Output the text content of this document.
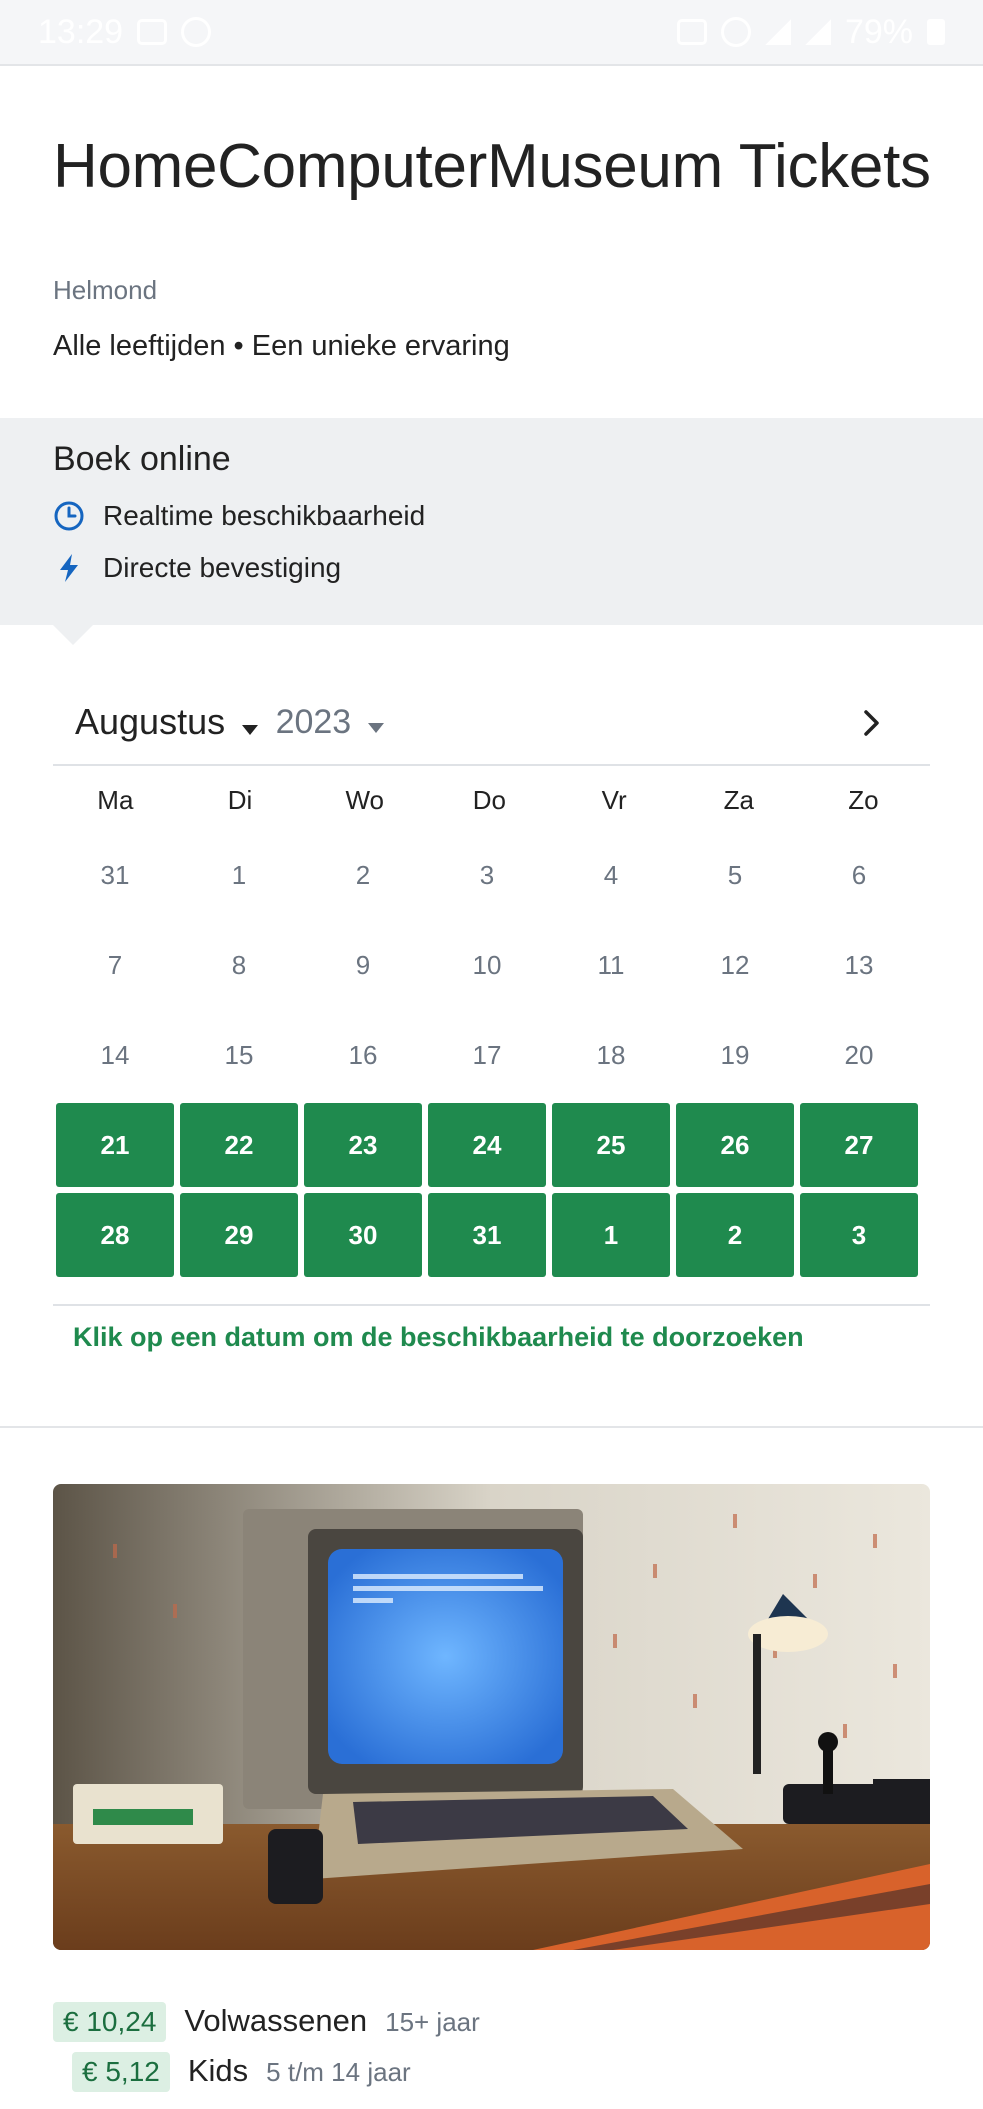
13:29	79%
HomeComputerMuseum Tickets
Helmond
Alle leeftijden • Een unieke ervaring
Boek online
Realtime beschikbaarheid
Directe bevestiging
Augustus	2023
Ma	Di	Wo	Do	Vr	Za	Zo
31	1	2	3	4	5	6
7	8	9	10	11	12	13
14	15	16	17	18	19	20
21	22	23	24	25	26	27
28	29	30	31	1	2	3
Klik op een datum om de beschikbaarheid te doorzoeken
€ 10,24 Volwassenen 15+ jaar
€ 5,12 Kids 5 t/m 14 jaar
